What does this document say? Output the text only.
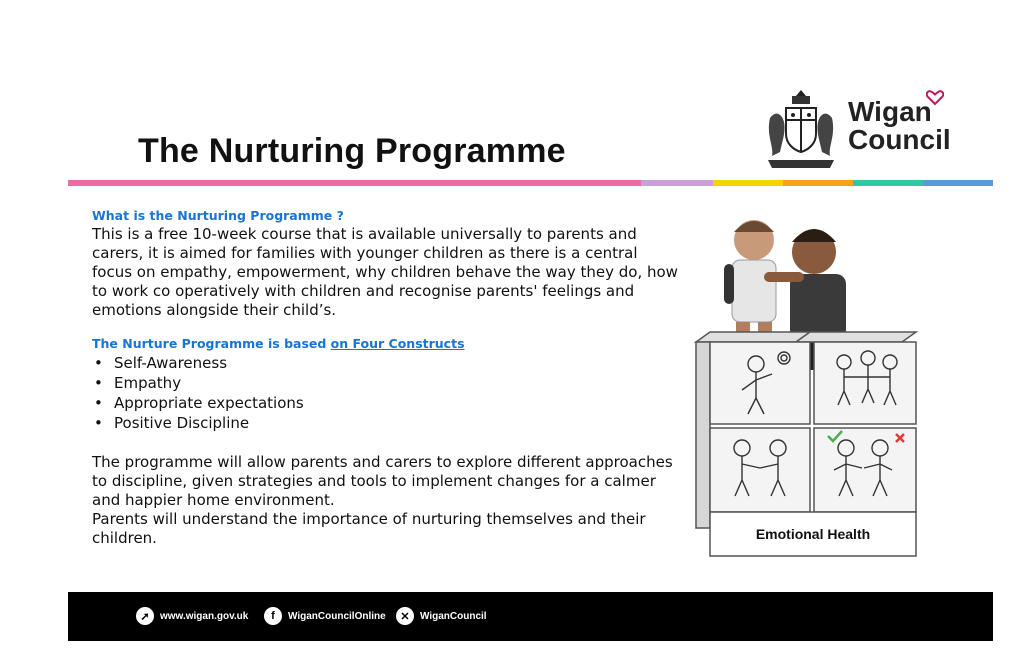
The Nurturing Programme
Wigan
Council

What is the Nurturing Programme ?

This is a free 10-week course that is available universally to parents and carers, it is aimed for families with younger children as there is a central focus on empathy, empowerment, why children behave the way they do, how to work co operatively with children and recognise parents' feelings and emotions alongside their child’s.

The Nurture Programme is based on Four Constructs

• Self-Awareness
• Empathy
• Appropriate expectations
• Positive Discipline

The programme will allow parents and carers to explore different approaches to discipline, given strategies and tools to implement changes for a calmer and happier home environment.

Parents will understand the importance of nurturing themselves and their children.	Emotional Health
➚	www.wigan.gov.uk	f	WiganCouncilOnline	✕	WiganCouncil
